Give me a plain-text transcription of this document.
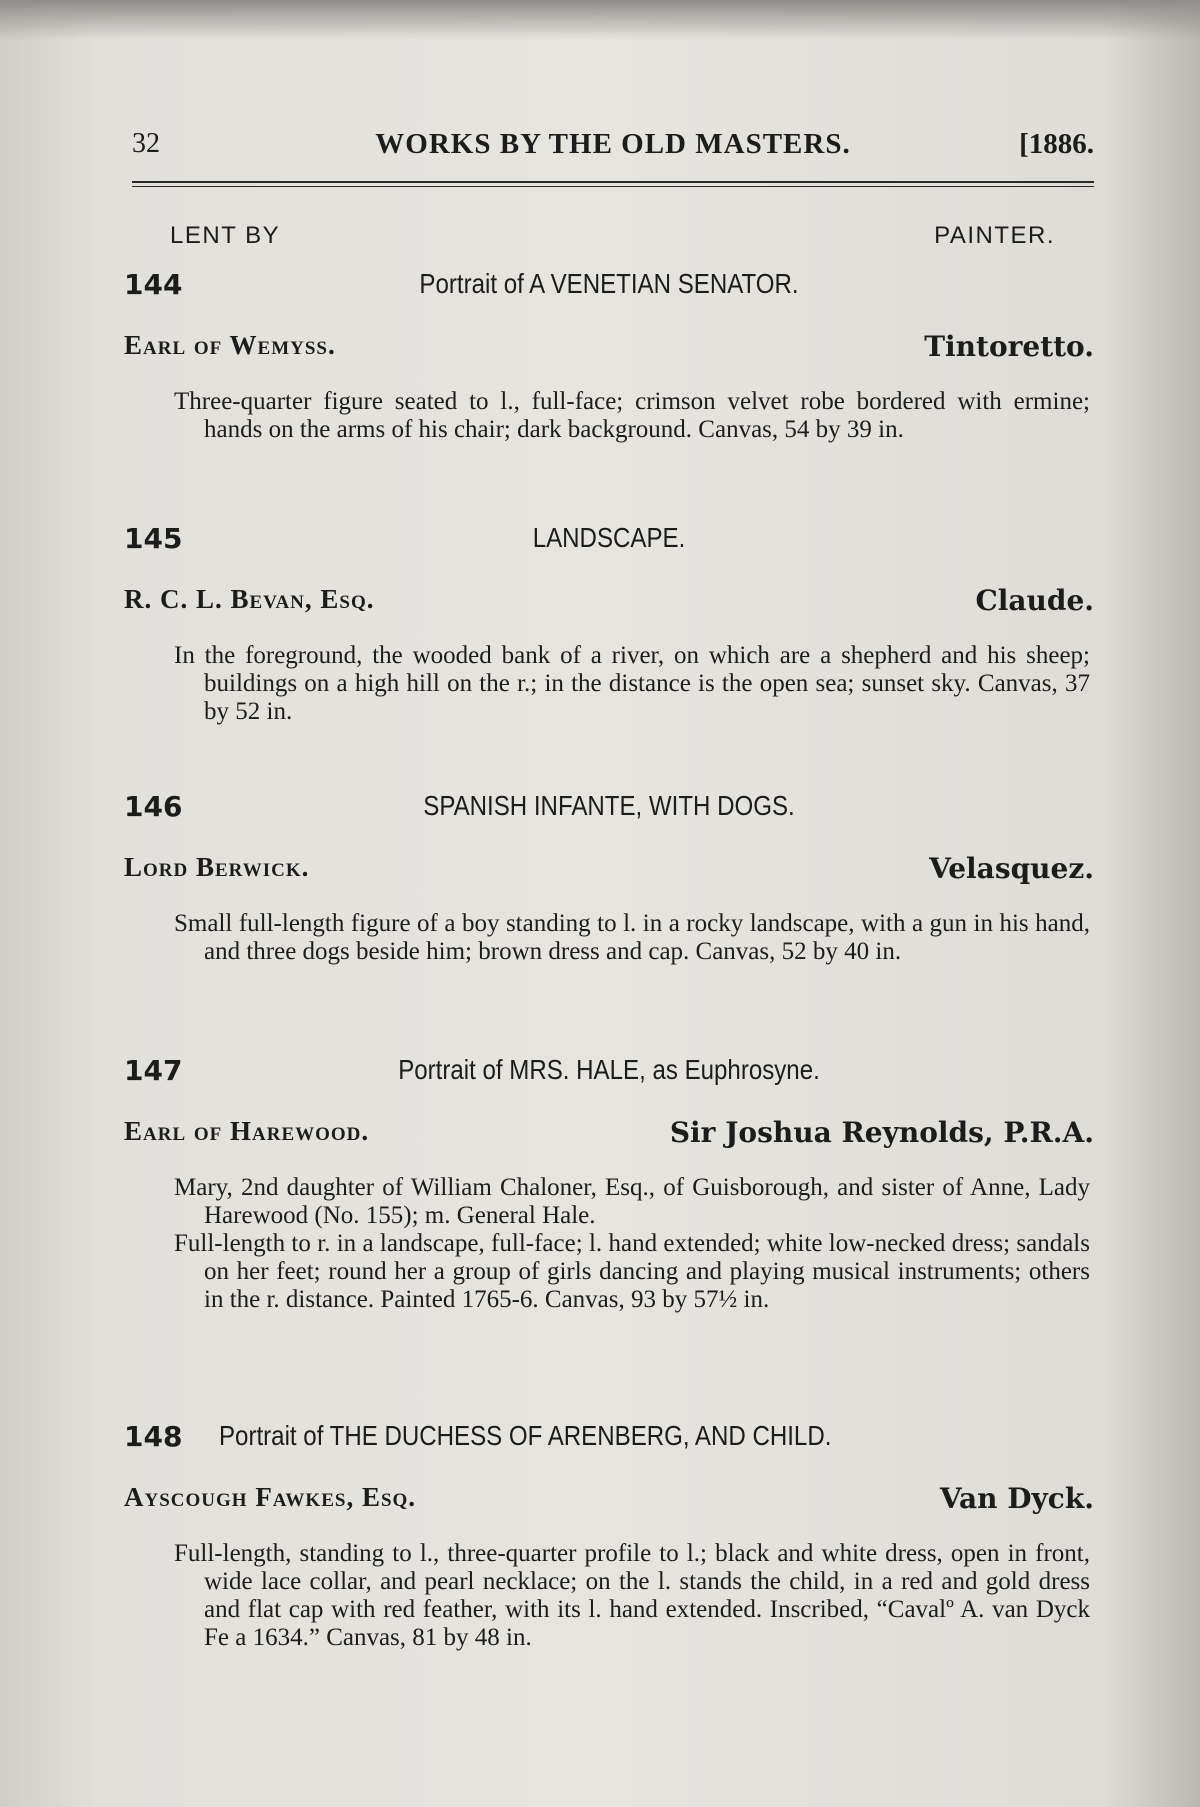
32	WORKS BY THE OLD MASTERS.	[1886.
LENT BY	PAINTER.
144	Portrait of A VENETIAN SENATOR.
Earl of Wemyss.	Tintoretto.

Three-quarter figure seated to l., full-face; crimson velvet robe bordered with ermine; hands on the arms of his chair; dark background. Canvas, 54 by 39 in.

145	LANDSCAPE.
R. C. L. Bevan, Esq.	Claude.

In the foreground, the wooded bank of a river, on which are a shepherd and his sheep; buildings on a high hill on the r.; in the distance is the open sea; sunset sky. Canvas, 37 by 52 in.

146	SPANISH INFANTE, WITH DOGS.
Lord Berwick.	Velasquez.

Small full-length figure of a boy standing to l. in a rocky landscape, with a gun in his hand, and three dogs beside him; brown dress and cap. Canvas, 52 by 40 in.

147	Portrait of MRS. HALE, as Euphrosyne.
Earl of Harewood.	Sir Joshua Reynolds, P.R.A.

Mary, 2nd daughter of William Chaloner, Esq., of Guisborough, and sister of Anne, Lady Harewood (No. 155); m. General Hale.

Full-length to r. in a landscape, full-face; l. hand extended; white low-necked dress; sandals on her feet; round her a group of girls dancing and playing musical instruments; others in the r. distance. Painted 1765-6. Canvas, 93 by 57½ in.

148 Portrait of THE DUCHESS OF ARENBERG, AND CHILD.
Ayscough Fawkes, Esq.	Van Dyck.

Full-length, standing to l., three-quarter profile to l.; black and white dress, open in front, wide lace collar, and pearl necklace; on the l. stands the child, in a red and gold dress and flat cap with red feather, with its l. hand extended. Inscribed, “Cavalº A. van Dyck Fe a 1634.” Canvas, 81 by 48 in.
